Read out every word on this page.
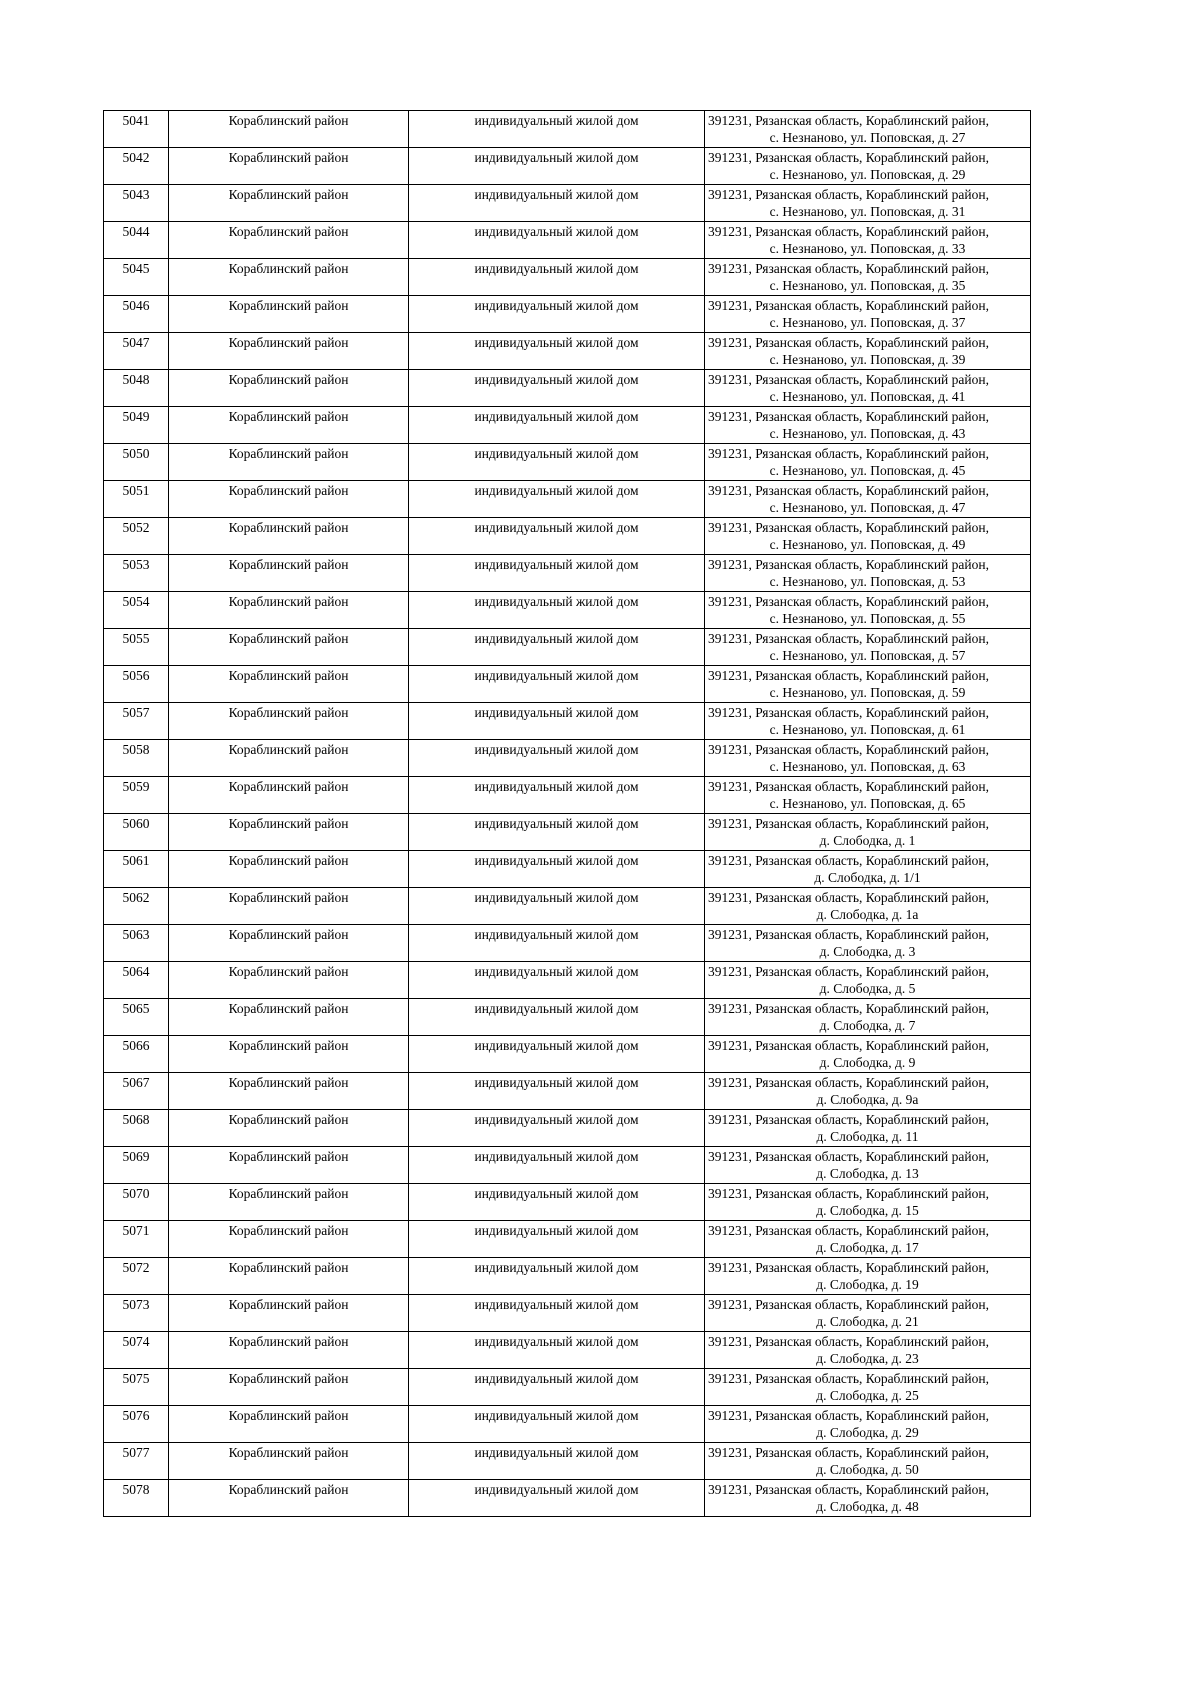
5041	Кораблинский район	индивидуальный жилой дом	391231, Рязанская область, Кораблинский район,
с. Незнаново, ул. Поповская, д. 27

5042	Кораблинский район	индивидуальный жилой дом	391231, Рязанская область, Кораблинский район,
с. Незнаново, ул. Поповская, д. 29

5043	Кораблинский район	индивидуальный жилой дом	391231, Рязанская область, Кораблинский район,
с. Незнаново, ул. Поповская, д. 31

5044	Кораблинский район	индивидуальный жилой дом	391231, Рязанская область, Кораблинский район,
с. Незнаново, ул. Поповская, д. 33

5045	Кораблинский район	индивидуальный жилой дом	391231, Рязанская область, Кораблинский район,
с. Незнаново, ул. Поповская, д. 35

5046	Кораблинский район	индивидуальный жилой дом	391231, Рязанская область, Кораблинский район,
с. Незнаново, ул. Поповская, д. 37

5047	Кораблинский район	индивидуальный жилой дом	391231, Рязанская область, Кораблинский район,
с. Незнаново, ул. Поповская, д. 39

5048	Кораблинский район	индивидуальный жилой дом	391231, Рязанская область, Кораблинский район,
с. Незнаново, ул. Поповская, д. 41

5049	Кораблинский район	индивидуальный жилой дом	391231, Рязанская область, Кораблинский район,
с. Незнаново, ул. Поповская, д. 43

5050	Кораблинский район	индивидуальный жилой дом	391231, Рязанская область, Кораблинский район,
с. Незнаново, ул. Поповская, д. 45

5051	Кораблинский район	индивидуальный жилой дом	391231, Рязанская область, Кораблинский район,
с. Незнаново, ул. Поповская, д. 47

5052	Кораблинский район	индивидуальный жилой дом	391231, Рязанская область, Кораблинский район,
с. Незнаново, ул. Поповская, д. 49

5053	Кораблинский район	индивидуальный жилой дом	391231, Рязанская область, Кораблинский район,
с. Незнаново, ул. Поповская, д. 53

5054	Кораблинский район	индивидуальный жилой дом	391231, Рязанская область, Кораблинский район,
с. Незнаново, ул. Поповская, д. 55

5055	Кораблинский район	индивидуальный жилой дом	391231, Рязанская область, Кораблинский район,
с. Незнаново, ул. Поповская, д. 57

5056	Кораблинский район	индивидуальный жилой дом	391231, Рязанская область, Кораблинский район,
с. Незнаново, ул. Поповская, д. 59

5057	Кораблинский район	индивидуальный жилой дом	391231, Рязанская область, Кораблинский район,
с. Незнаново, ул. Поповская, д. 61

5058	Кораблинский район	индивидуальный жилой дом	391231, Рязанская область, Кораблинский район,
с. Незнаново, ул. Поповская, д. 63

5059	Кораблинский район	индивидуальный жилой дом	391231, Рязанская область, Кораблинский район,
с. Незнаново, ул. Поповская, д. 65

5060	Кораблинский район	индивидуальный жилой дом	391231, Рязанская область, Кораблинский район,
д. Слободка, д. 1

5061	Кораблинский район	индивидуальный жилой дом	391231, Рязанская область, Кораблинский район,
д. Слободка, д. 1/1

5062	Кораблинский район	индивидуальный жилой дом	391231, Рязанская область, Кораблинский район,
д. Слободка, д. 1а

5063	Кораблинский район	индивидуальный жилой дом	391231, Рязанская область, Кораблинский район,
д. Слободка, д. 3

5064	Кораблинский район	индивидуальный жилой дом	391231, Рязанская область, Кораблинский район,
д. Слободка, д. 5

5065	Кораблинский район	индивидуальный жилой дом	391231, Рязанская область, Кораблинский район,
д. Слободка, д. 7

5066	Кораблинский район	индивидуальный жилой дом	391231, Рязанская область, Кораблинский район,
д. Слободка, д. 9

5067	Кораблинский район	индивидуальный жилой дом	391231, Рязанская область, Кораблинский район,
д. Слободка, д. 9а

5068	Кораблинский район	индивидуальный жилой дом	391231, Рязанская область, Кораблинский район,
д. Слободка, д. 11

5069	Кораблинский район	индивидуальный жилой дом	391231, Рязанская область, Кораблинский район,
д. Слободка, д. 13

5070	Кораблинский район	индивидуальный жилой дом	391231, Рязанская область, Кораблинский район,
д. Слободка, д. 15

5071	Кораблинский район	индивидуальный жилой дом	391231, Рязанская область, Кораблинский район,
д. Слободка, д. 17

5072	Кораблинский район	индивидуальный жилой дом	391231, Рязанская область, Кораблинский район,
д. Слободка, д. 19

5073	Кораблинский район	индивидуальный жилой дом	391231, Рязанская область, Кораблинский район,
д. Слободка, д. 21

5074	Кораблинский район	индивидуальный жилой дом	391231, Рязанская область, Кораблинский район,
д. Слободка, д. 23

5075	Кораблинский район	индивидуальный жилой дом	391231, Рязанская область, Кораблинский район,
д. Слободка, д. 25

5076	Кораблинский район	индивидуальный жилой дом	391231, Рязанская область, Кораблинский район,
д. Слободка, д. 29

5077	Кораблинский район	индивидуальный жилой дом	391231, Рязанская область, Кораблинский район,
д. Слободка, д. 50

5078	Кораблинский район	индивидуальный жилой дом	391231, Рязанская область, Кораблинский район,
д. Слободка, д. 48
